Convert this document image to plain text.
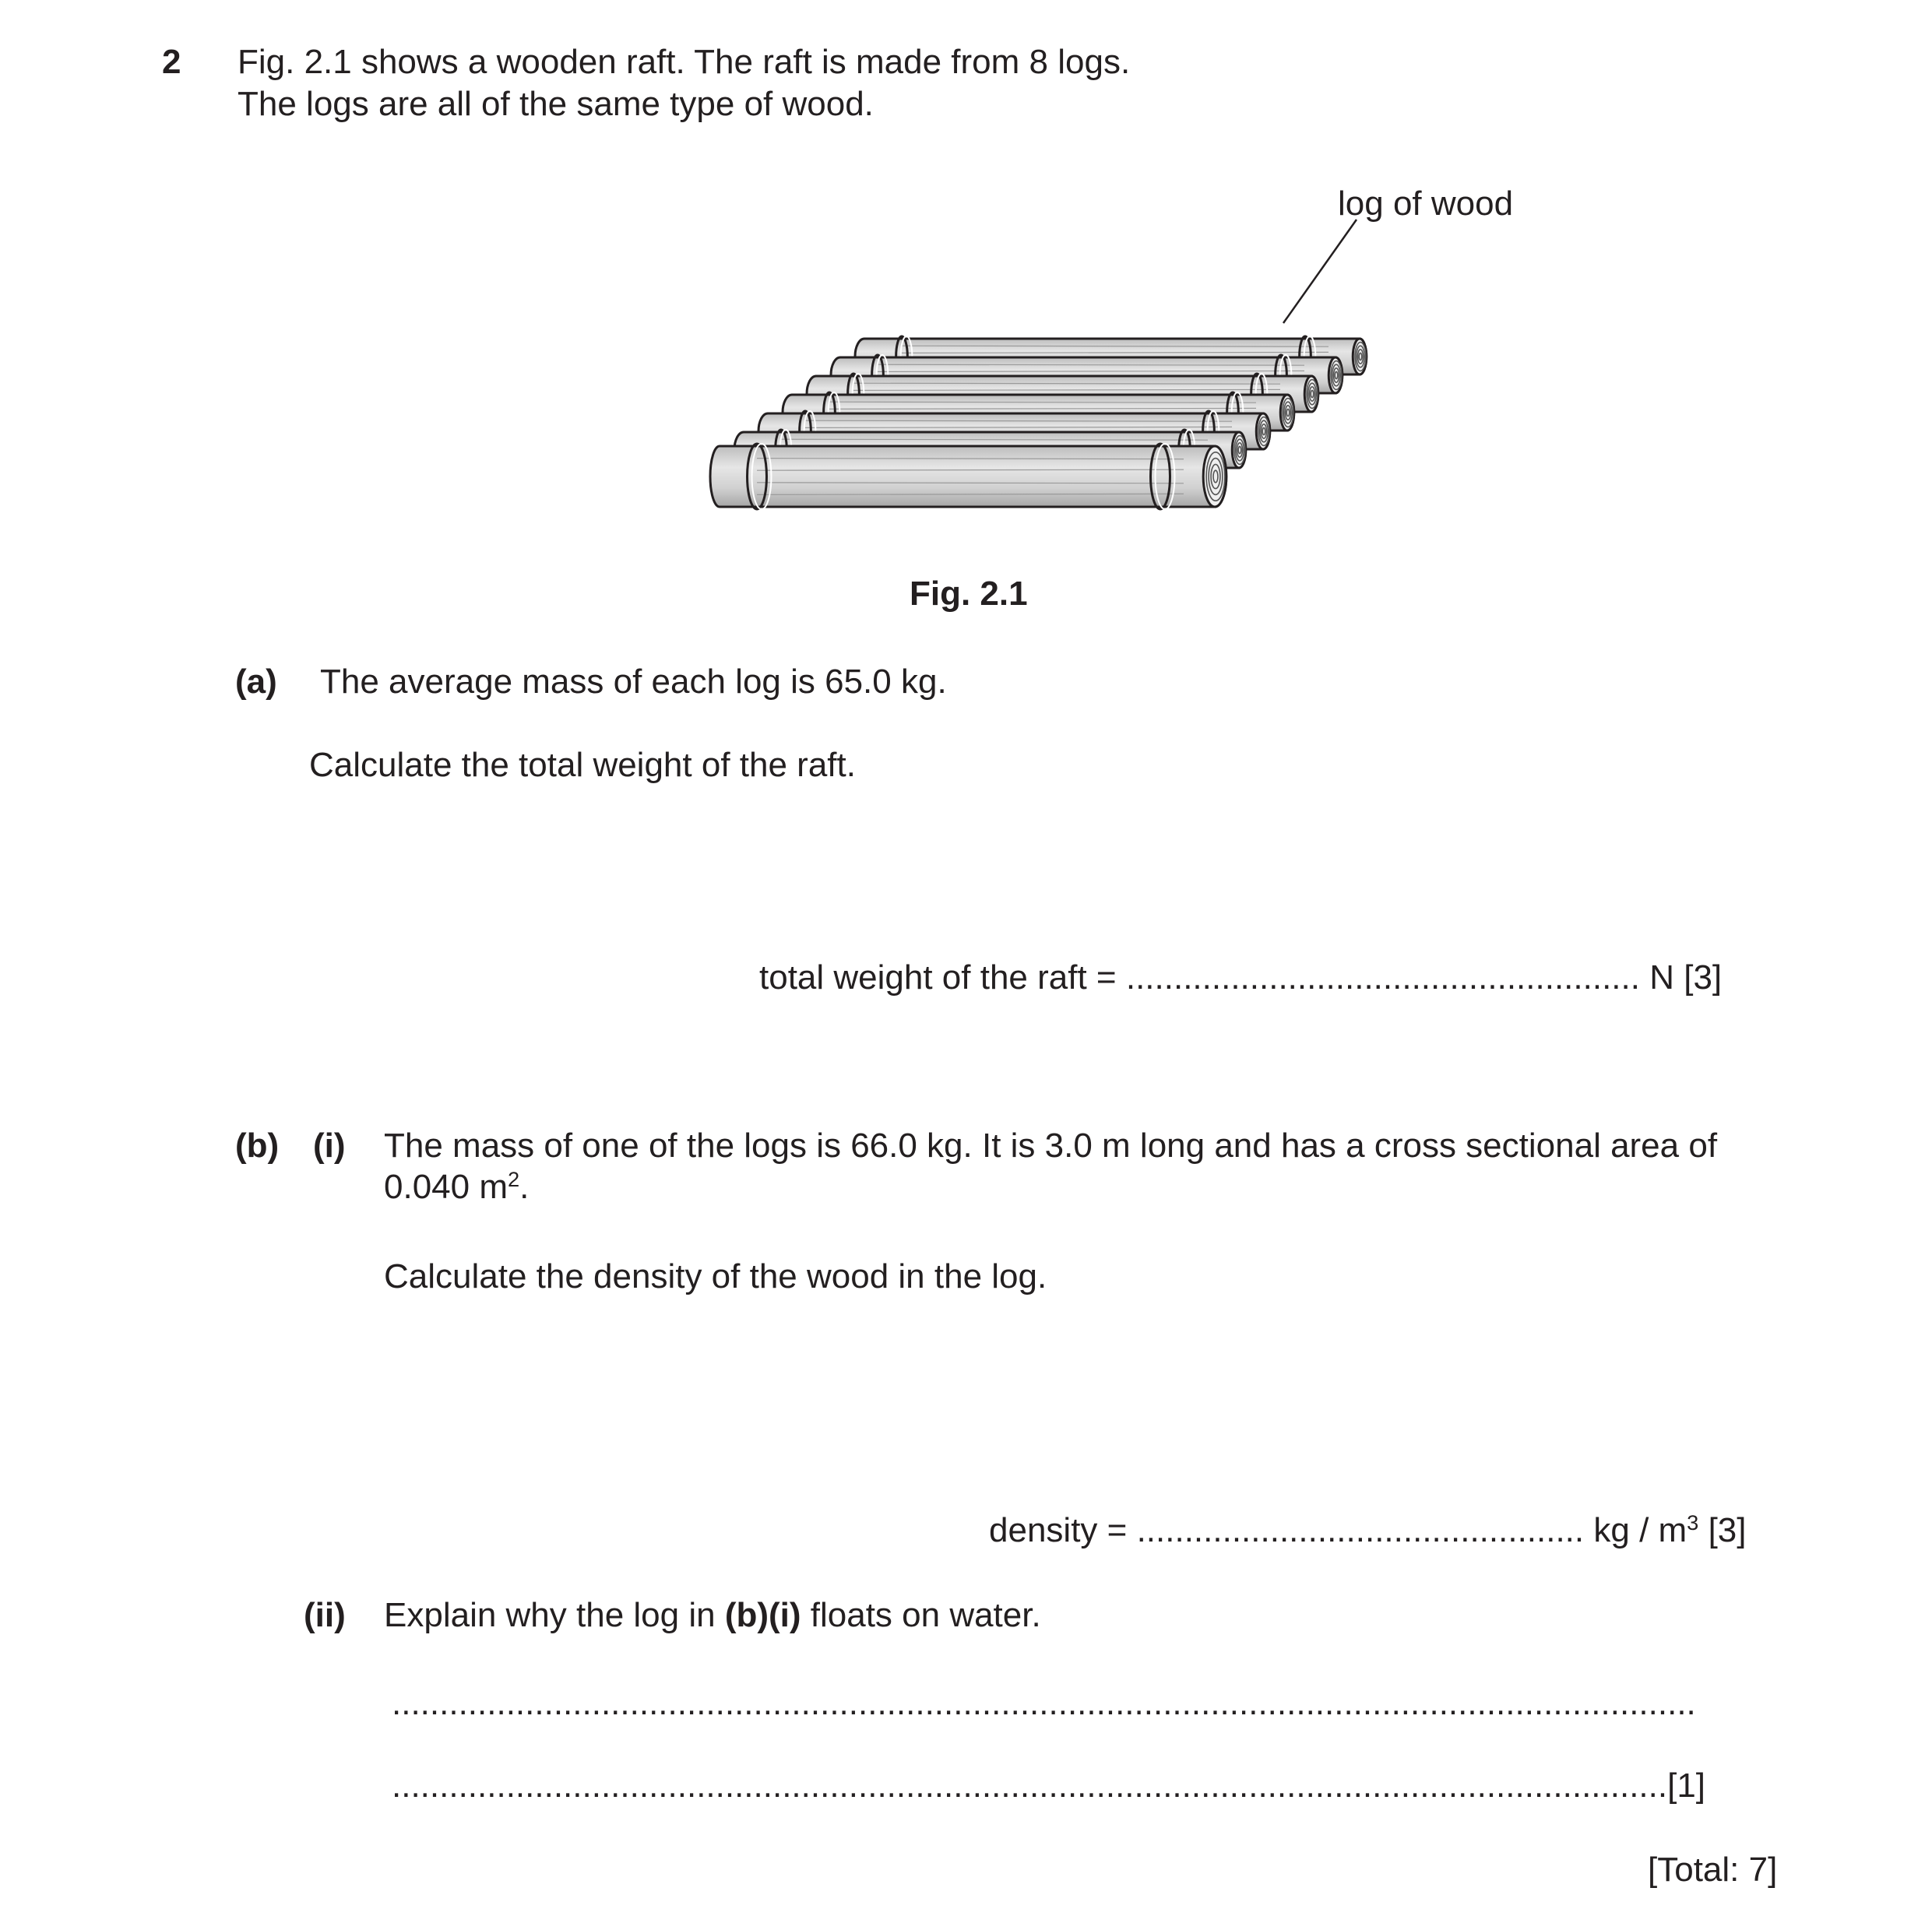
2 Fig. 2.1 shows a wooden raft. The raft is made from 8 logs.
The logs are all of the same type of wood.
log of wood
Fig. 2.1
(a) The average mass of each log is 65.0 kg.
Calculate the total weight of the raft.
total weight of the raft = ...................................................... N [3]
(b) (i) The mass of one of the logs is 66.0 kg. It is 3.0 m long and has a cross sectional area of
0.040 $m^2$.
Calculate the density of the wood in the log.
density = ............................................... kg / $m^3$ [3]
(ii) Explain why the log in (b)(i) floats on water.
.........................................................................................................................................
......................................................................................................................................[1]
[Total: 7]
